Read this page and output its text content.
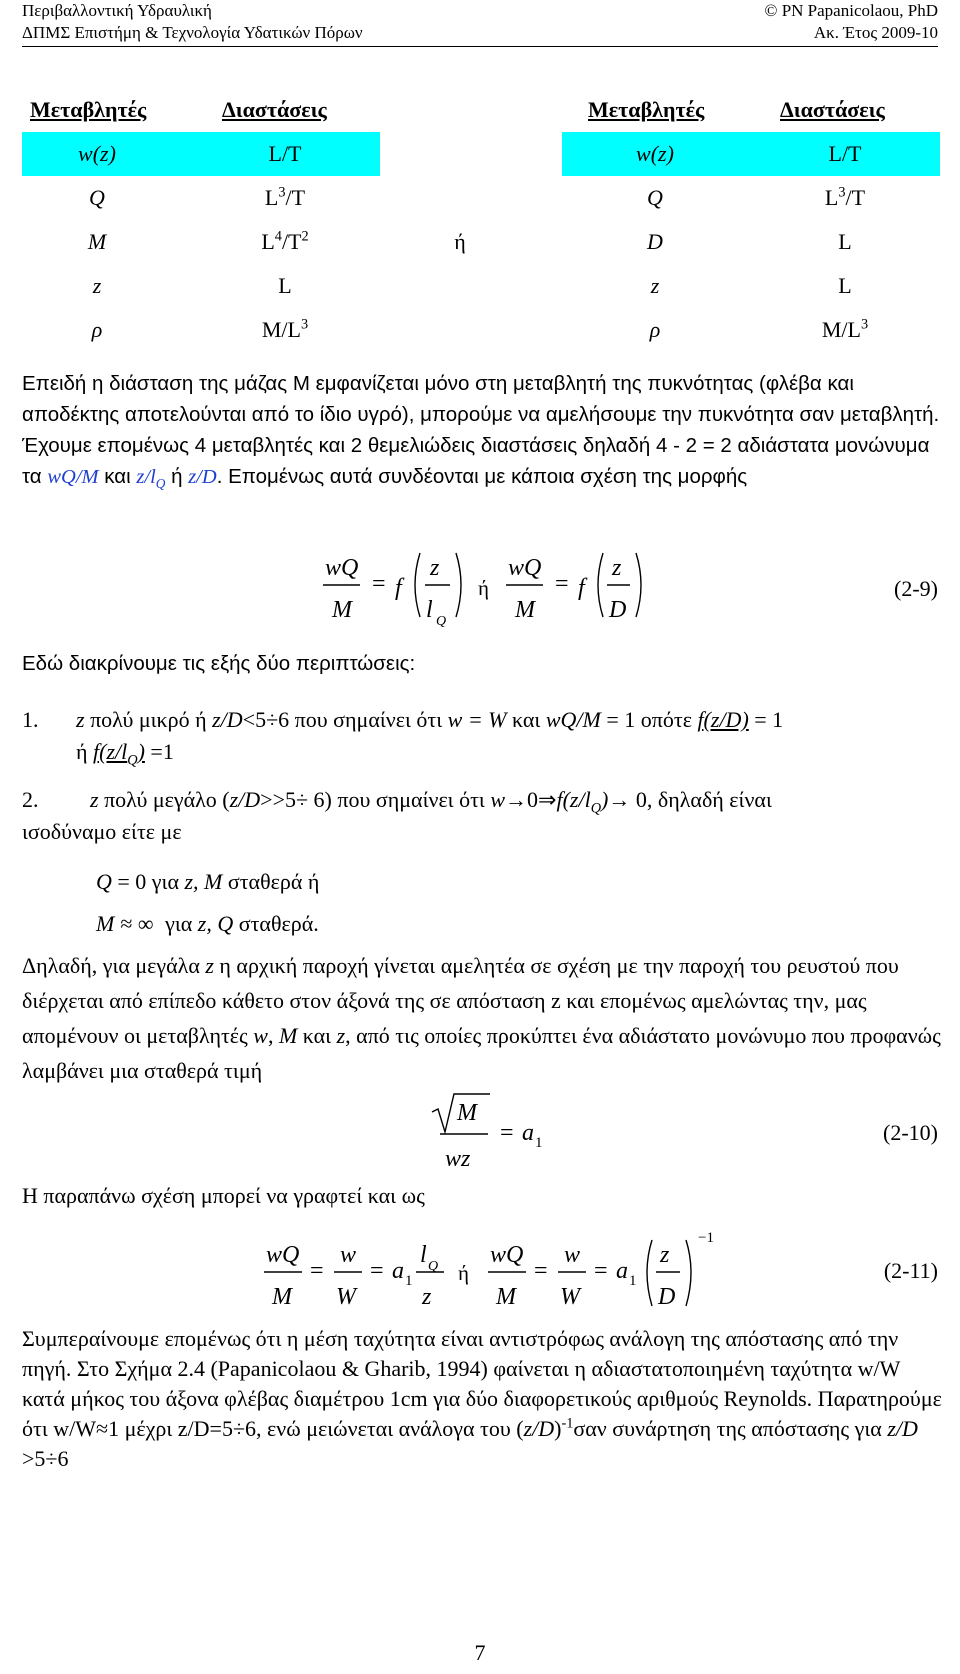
Περιβαλλοντική Υδραυλική
ΔΠΜΣ Επιστήμη & Τεχνολογία Υδατικών Πόρων
© PN Papanicolaou, PhD
Ακ. Έτος 2009-10
Μεταβλητές	Διαστάσεις	Μεταβλητές	Διαστάσεις
w(z)	L/T	w(z)	L/T
Q	$L^3/T$	Q	$L^3/T$
M	$L^4/T^2$	ή	D	L
z	L	z	L
ρ	$M/L^3$	ρ	$M/L^3$
Επειδή η διάσταση της μάζας M εμφανίζεται μόνο στη μεταβλητή της πυκνότητας (φλέβα και αποδέκτης αποτελούνται από το ίδιο υγρό), μπορούμε να αμελήσουμε την πυκνότητα σαν μεταβλητή. Έχουμε επομένως 4 μεταβλητές και 2 θεμελιώδεις διαστάσεις δηλαδή 4 - 2 = 2 αδιάστατα μονώνυμα τα wQ/M και $z/l_Q$ ή z/D. Επομένως αυτά συνδέονται με κάποια σχέση της μορφής
wQ
M
= f
z
l Q
ή
wQ
M
= f
z
D
(2-9)
Εδώ διακρίνουμε τις εξής δύο περιπτώσεις:
1. z πολύ μικρό ή z/D<5÷6 που σημαίνει ότι w = W και wQ/M = 1 οπότε f(z/D) = 1
ή $f(z/l_Q) =1$
2. z πολύ μεγάλο (z/D>>5÷ 6) που σημαίνει ότι $w\to 0\Rightarrow f(z/l_Q)\to 0$, δηλαδή είναι
ισοδύναμο είτε με
Q = 0 για z, M σταθερά ή
M ≈ ∞ για z, Q σταθερά.
Δηλαδή, για μεγάλα z η αρχική παροχή γίνεται αμελητέα σε σχέση με την παροχή του ρευστού που διέρχεται από επίπεδο κάθετο στον άξονά της σε απόσταση z και επομένως αμελώντας την, μας απομένουν οι μεταβλητές w, M και z, από τις οποίες προκύπτει ένα αδιάστατο μονώνυμο που προφανώς λαμβάνει μια σταθερά τιμή
M
wz
= a 1	(2-10)
Η παραπάνω σχέση μπορεί να γραφτεί και ως
wQ
M
=
w
W
= a 1
l Q
z
ή
wQ
M
=
w
W
= a 1
z
D
−1
(2-11)
Συμπεραίνουμε επομένως ότι η μέση ταχύτητα είναι αντιστρόφως ανάλογη της απόστασης από την πηγή. Στο Σχήμα 2.4 (Papanicolaou & Gharib, 1994) φαίνεται η αδιαστατοποιημένη ταχύτητα w/W κατά μήκος του άξονα φλέβας διαμέτρου 1cm για δύο διαφορετικούς αριθμούς Reynolds. Παρατηρούμε ότι w/W≈1 μέχρι z/D=5÷6, ενώ μειώνεται ανάλογα του $(z/D)^{-1}\sigma\alpha\nu$ συνάρτηση της απόστασης για z/D >5÷6
7
